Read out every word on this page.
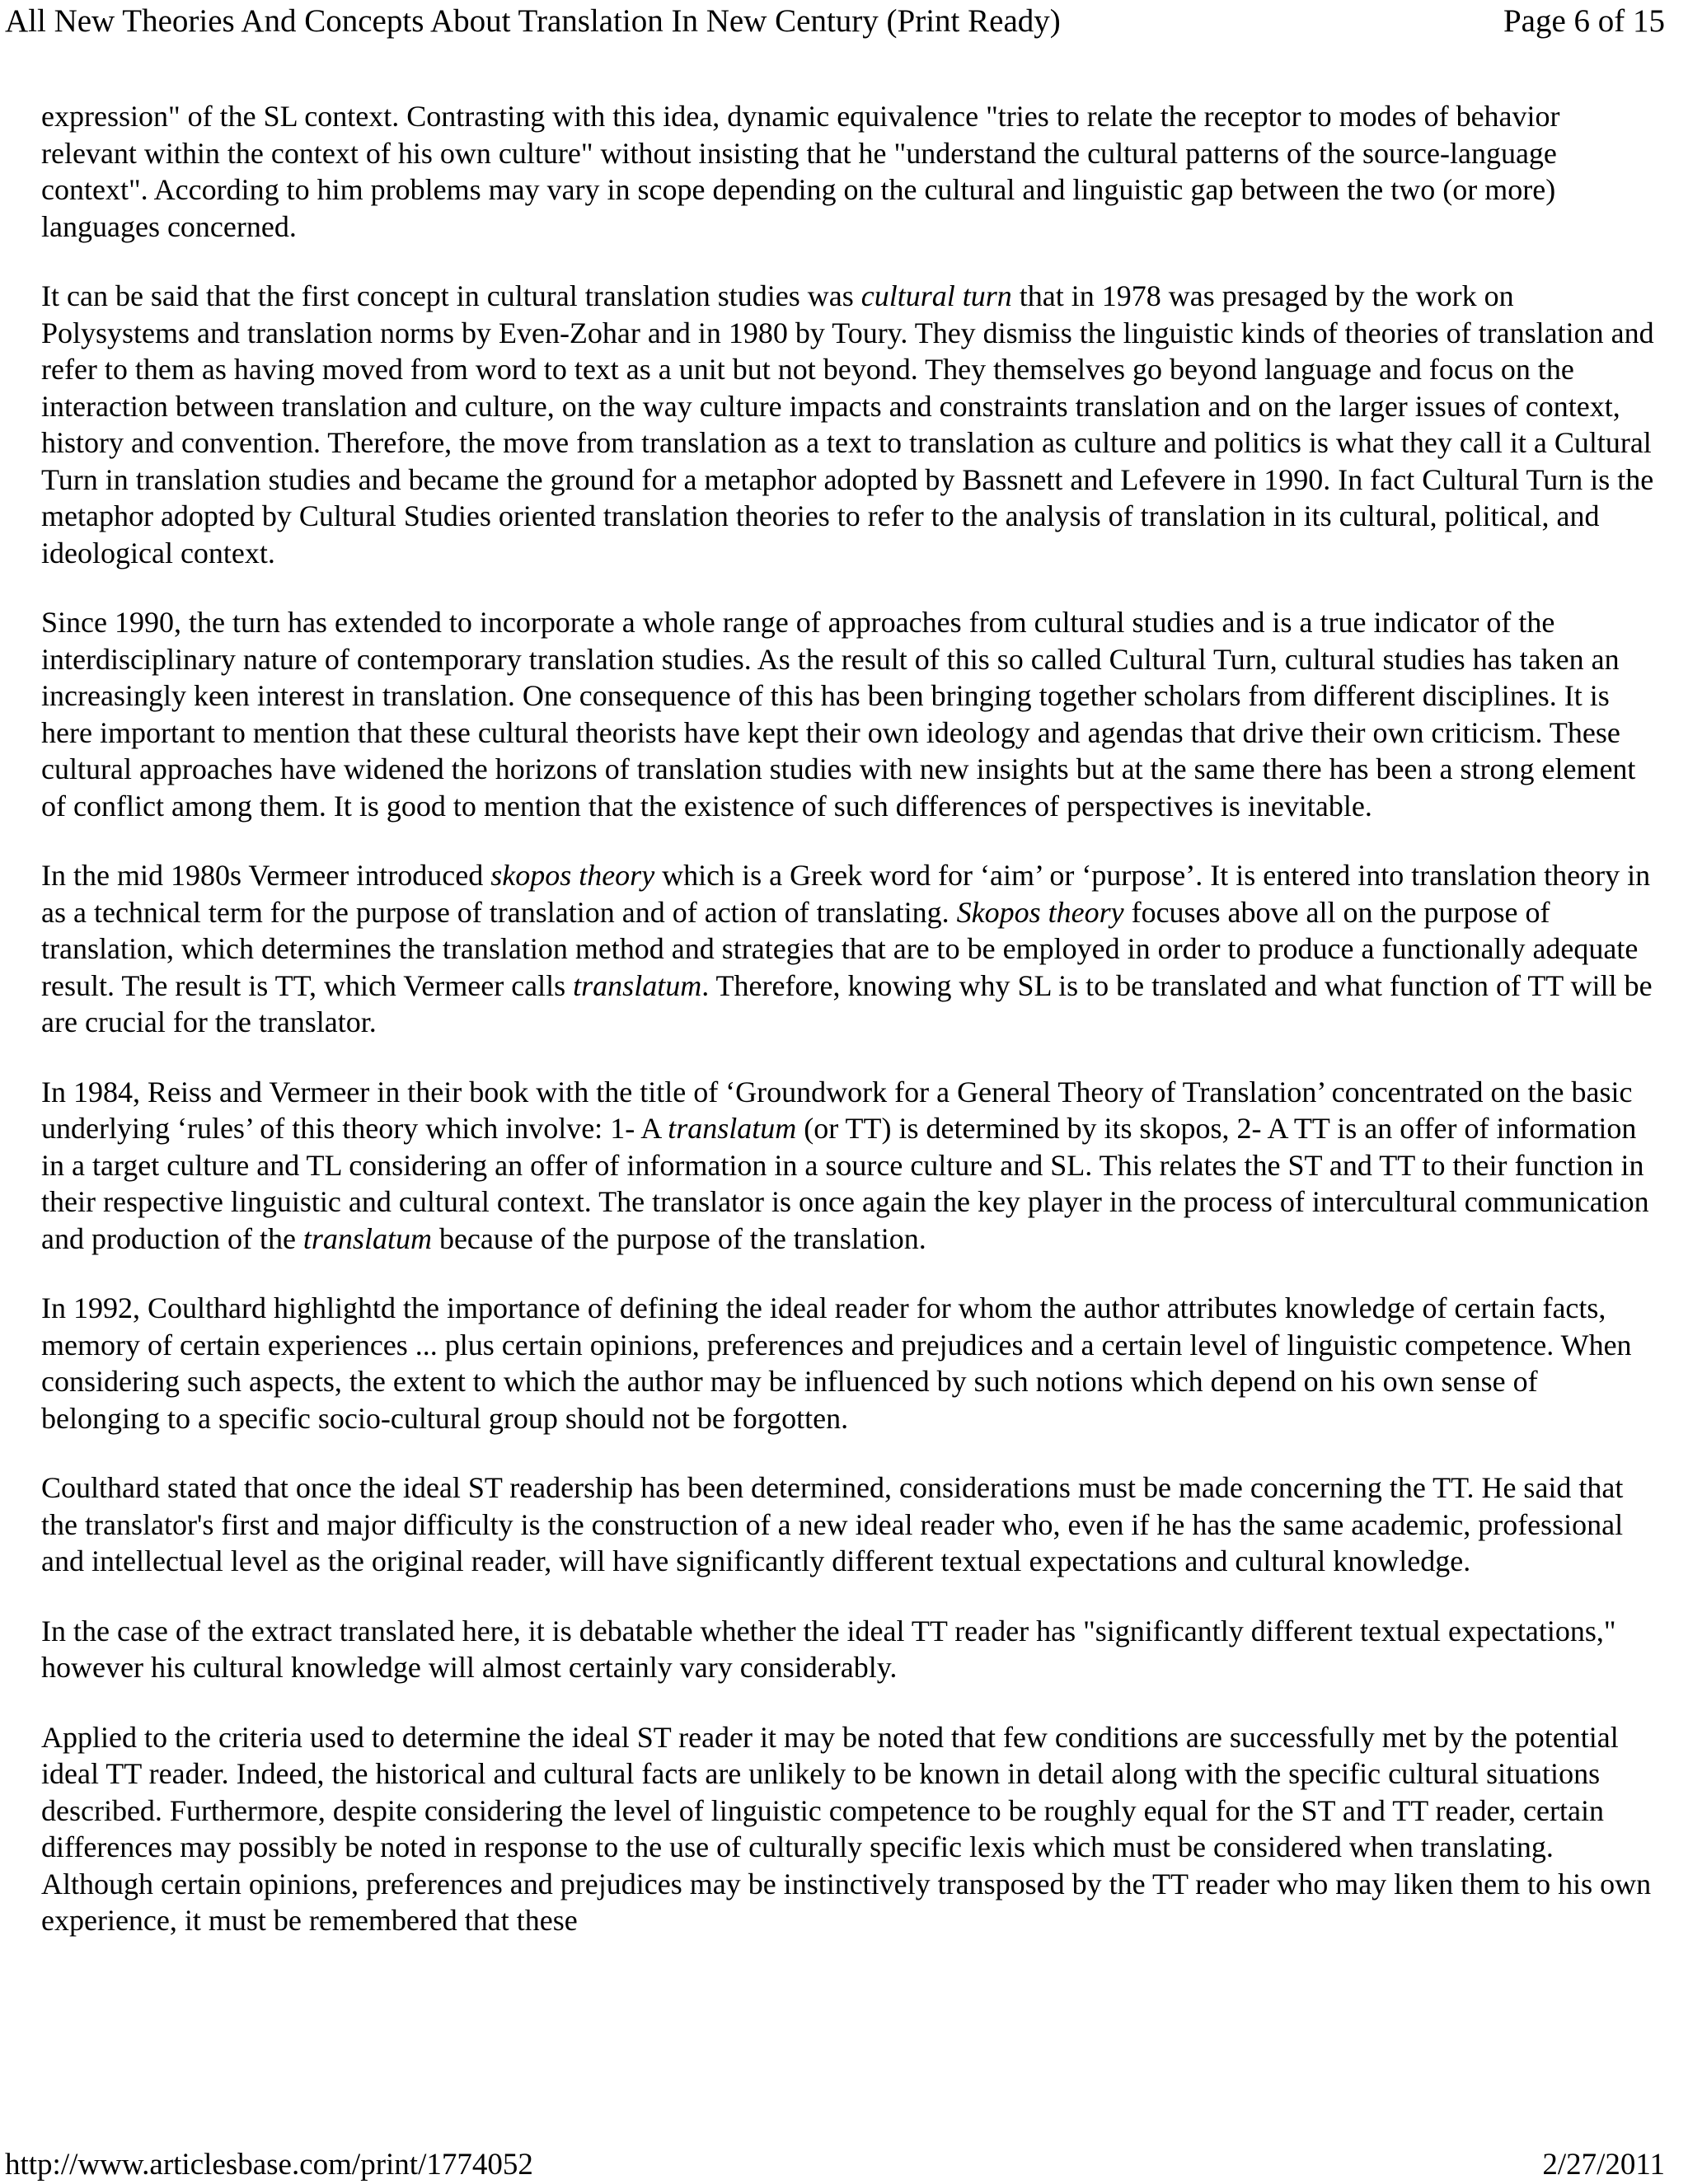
All New Theories And Concepts About Translation In New Century (Print Ready)	Page 6 of 15

expression" of the SL context. Contrasting with this idea, dynamic equivalence "tries to relate the receptor to modes of behavior relevant within the context of his own culture" without insisting that he "understand the cultural patterns of the source-language context". According to him problems may vary in scope depending on the cultural and linguistic gap between the two (or more) languages concerned.

It can be said that the first concept in cultural translation studies was cultural turn that in 1978 was presaged by the work on Polysystems and translation norms by Even-Zohar and in 1980 by Toury. They dismiss the linguistic kinds of theories of translation and refer to them as having moved from word to text as a unit but not beyond. They themselves go beyond language and focus on the interaction between translation and culture, on the way culture impacts and constraints translation and on the larger issues of context, history and convention. Therefore, the move from translation as a text to translation as culture and politics is what they call it a Cultural Turn in translation studies and became the ground for a metaphor adopted by Bassnett and Lefevere in 1990. In fact Cultural Turn is the metaphor adopted by Cultural Studies oriented translation theories to refer to the analysis of translation in its cultural, political, and ideological context.

Since 1990, the turn has extended to incorporate a whole range of approaches from cultural studies and is a true indicator of the interdisciplinary nature of contemporary translation studies. As the result of this so called Cultural Turn, cultural studies has taken an increasingly keen interest in translation. One consequence of this has been bringing together scholars from different disciplines. It is here important to mention that these cultural theorists have kept their own ideology and agendas that drive their own criticism. These cultural approaches have widened the horizons of translation studies with new insights but at the same there has been a strong element of conflict among them. It is good to mention that the existence of such differences of perspectives is inevitable.

In the mid 1980s Vermeer introduced skopos theory which is a Greek word for ‘aim’ or ‘purpose’. It is entered into translation theory in as a technical term for the purpose of translation and of action of translating. Skopos theory focuses above all on the purpose of translation, which determines the translation method and strategies that are to be employed in order to produce a functionally adequate result. The result is TT, which Vermeer calls translatum. Therefore, knowing why SL is to be translated and what function of TT will be are crucial for the translator.

In 1984, Reiss and Vermeer in their book with the title of ‘Groundwork for a General Theory of Translation’ concentrated on the basic underlying ‘rules’ of this theory which involve: 1- A translatum (or TT) is determined by its skopos, 2- A TT is an offer of information in a target culture and TL considering an offer of information in a source culture and SL. This relates the ST and TT to their function in their respective linguistic and cultural context. The translator is once again the key player in the process of intercultural communication and production of the translatum because of the purpose of the translation.

In 1992, Coulthard highlightd the importance of defining the ideal reader for whom the author attributes knowledge of certain facts, memory of certain experiences ... plus certain opinions, preferences and prejudices and a certain level of linguistic competence. When considering such aspects, the extent to which the author may be influenced by such notions which depend on his own sense of belonging to a specific socio-cultural group should not be forgotten.

Coulthard stated that once the ideal ST readership has been determined, considerations must be made concerning the TT. He said that the translator's first and major difficulty is the construction of a new ideal reader who, even if he has the same academic, professional and intellectual level as the original reader, will have significantly different textual expectations and cultural knowledge.

In the case of the extract translated here, it is debatable whether the ideal TT reader has "significantly different textual expectations," however his cultural knowledge will almost certainly vary considerably.

Applied to the criteria used to determine the ideal ST reader it may be noted that few conditions are successfully met by the potential ideal TT reader. Indeed, the historical and cultural facts are unlikely to be known in detail along with the specific cultural situations described. Furthermore, despite considering the level of linguistic competence to be roughly equal for the ST and TT reader, certain differences may possibly be noted in response to the use of culturally specific lexis which must be considered when translating. Although certain opinions, preferences and prejudices may be instinctively transposed by the TT reader who may liken them to his own experience, it must be remembered that these

http://www.articlesbase.com/print/1774052	2/27/2011
